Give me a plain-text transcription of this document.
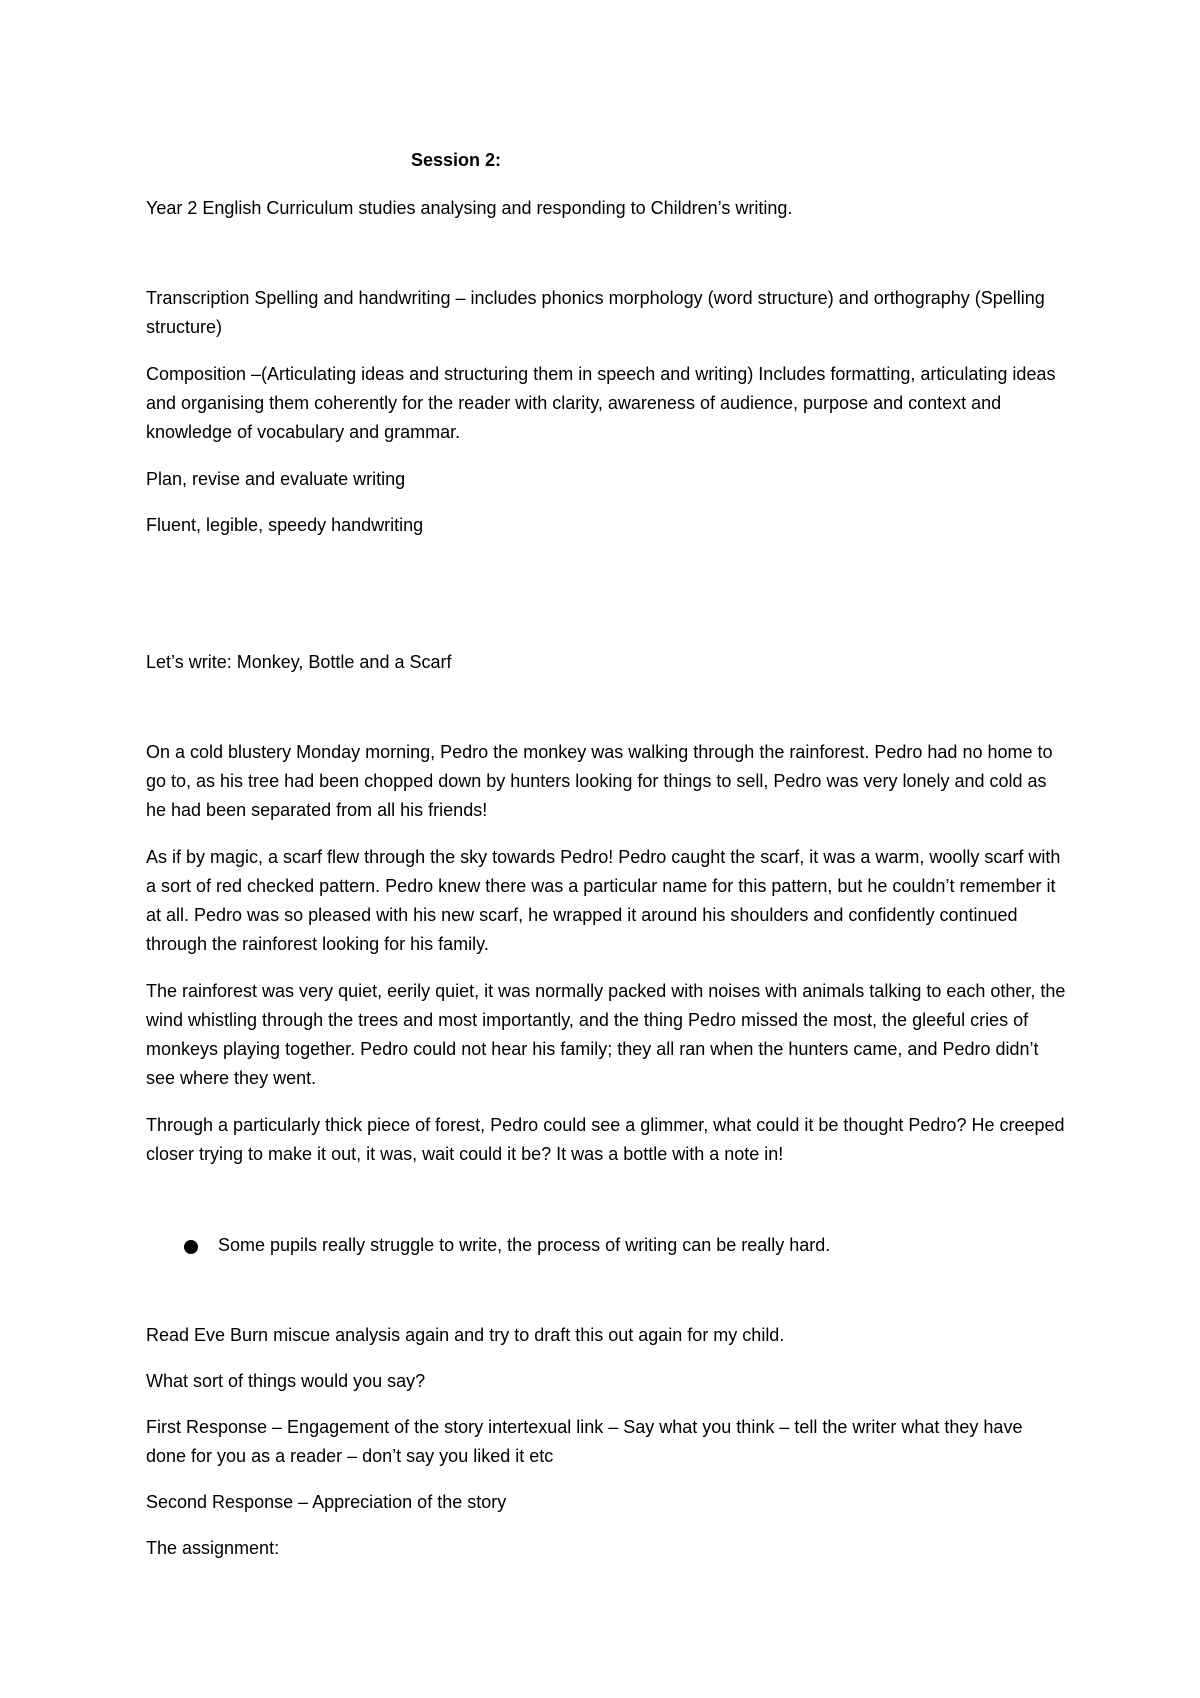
Session 2:

Year 2 English Curriculum studies analysing and responding to Children’s writing.

Transcription Spelling and handwriting – includes phonics morphology (word structure) and orthography (Spelling structure)

Composition –(Articulating ideas and structuring them in speech and writing) Includes formatting, articulating ideas and organising them coherently for the reader with clarity, awareness of audience, purpose and context and knowledge of vocabulary and grammar.

Plan, revise and evaluate writing

Fluent, legible, speedy handwriting

Let’s write: Monkey, Bottle and a Scarf

On a cold blustery Monday morning, Pedro the monkey was walking through the rainforest. Pedro had no home to go to, as his tree had been chopped down by hunters looking for things to sell, Pedro was very lonely and cold as he had been separated from all his friends!

As if by magic, a scarf flew through the sky towards Pedro! Pedro caught the scarf, it was a warm, woolly scarf with a sort of red checked pattern. Pedro knew there was a particular name for this pattern, but he couldn’t remember it at all. Pedro was so pleased with his new scarf, he wrapped it around his shoulders and confidently continued through the rainforest looking for his family.

The rainforest was very quiet, eerily quiet, it was normally packed with noises with animals talking to each other, the wind whistling through the trees and most importantly, and the thing Pedro missed the most, the gleeful cries of monkeys playing together. Pedro could not hear his family; they all ran when the hunters came, and Pedro didn’t see where they went.

Through a particularly thick piece of forest, Pedro could see a glimmer, what could it be thought Pedro? He creeped closer trying to make it out, it was, wait could it be? It was a bottle with a note in!

Some pupils really struggle to write, the process of writing can be really hard.

Read Eve Burn miscue analysis again and try to draft this out again for my child.

What sort of things would you say?

First Response – Engagement of the story intertexual link – Say what you think – tell the writer what they have done for you as a reader – don’t say you liked it etc

Second Response – Appreciation of the story

The assignment:
